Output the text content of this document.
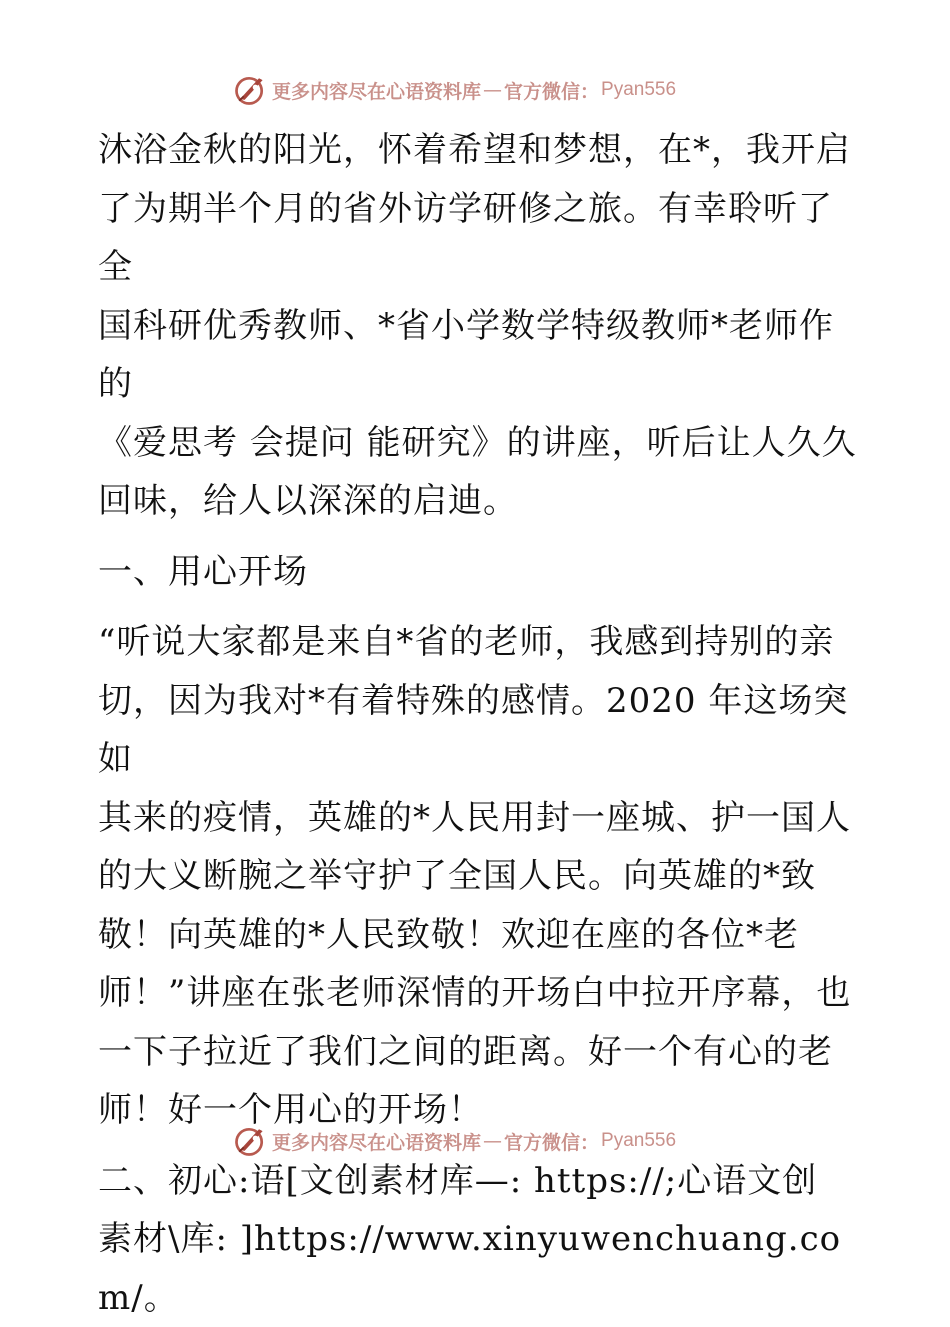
更多内容尽在心语资料库 — 官方微信： Pyan556

沐浴金秋的阳光，怀着希望和梦想，在*，我开启
了为期半个月的省外访学研修之旅。有幸聆听了全
国科研优秀教师、*省小学数学特级教师*老师作的
《爱思考 会提问 能研究》的讲座，听后让人久久
回味，给人以深深的启迪。

一、用心开场

“听说大家都是来自*省的老师，我感到持别的亲
切，因为我对*有着特殊的感情。2020 年这场突如
其来的疫情，英雄的*人民用封一座城、护一国人
的大义断腕之举守护了全国人民。向英雄的*致
敬！向英雄的*人民致敬！欢迎在座的各位*老
师！”讲座在张老师深情的开场白中拉开序幕，也
一下子拉近了我们之间的距离。好一个有心的老
师！好一个用心的开场！

二、初心:语[文创素材库—: https://;心语文创
素材\库: ]https://www.xinyuwenchuang.com/。

更多内容尽在心语资料库 — 官方微信： Pyan556
